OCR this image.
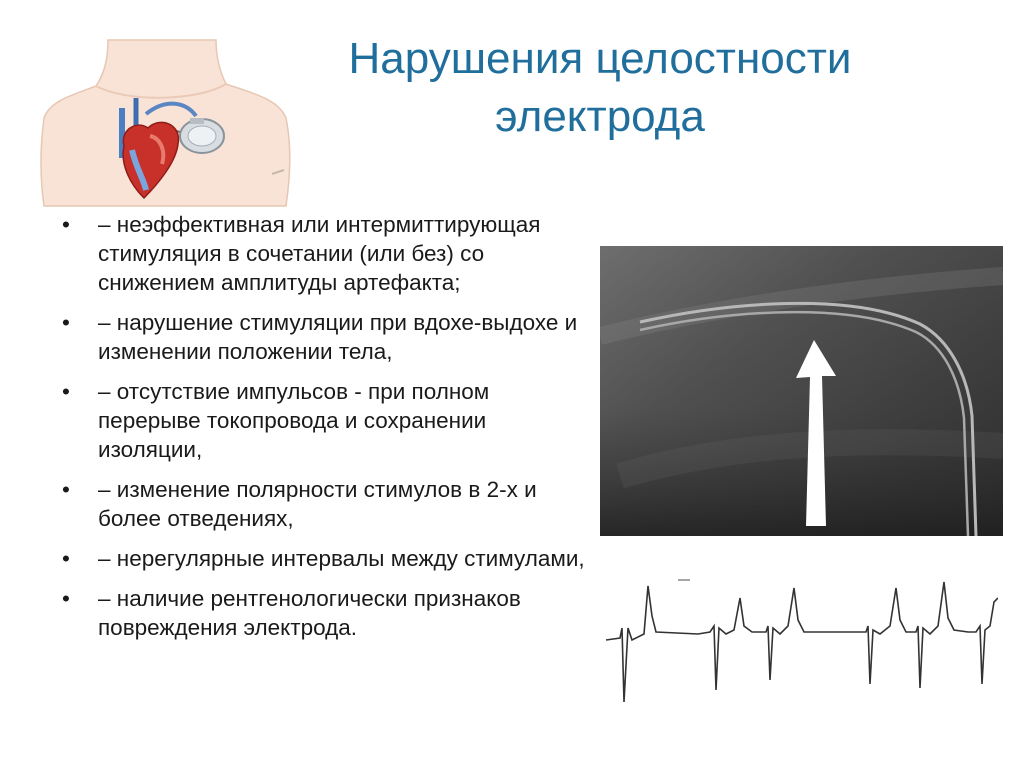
Нарушения целостности
электрода
• – неэффективная или интермиттирующая стимуляция в сочетании (или без) со снижением амплитуды артефакта;
• – нарушение стимуляции при вдохе-выдохе и изменении положении тела,
• – отсутствие импульсов - при полном перерыве токопровода и сохранении изоляции,
• – изменение полярности стимулов в 2-х и более отведениях,
• – нерегулярные интервалы между стимулами,
• – наличие рентгенологически признаков повреждения электрода.
